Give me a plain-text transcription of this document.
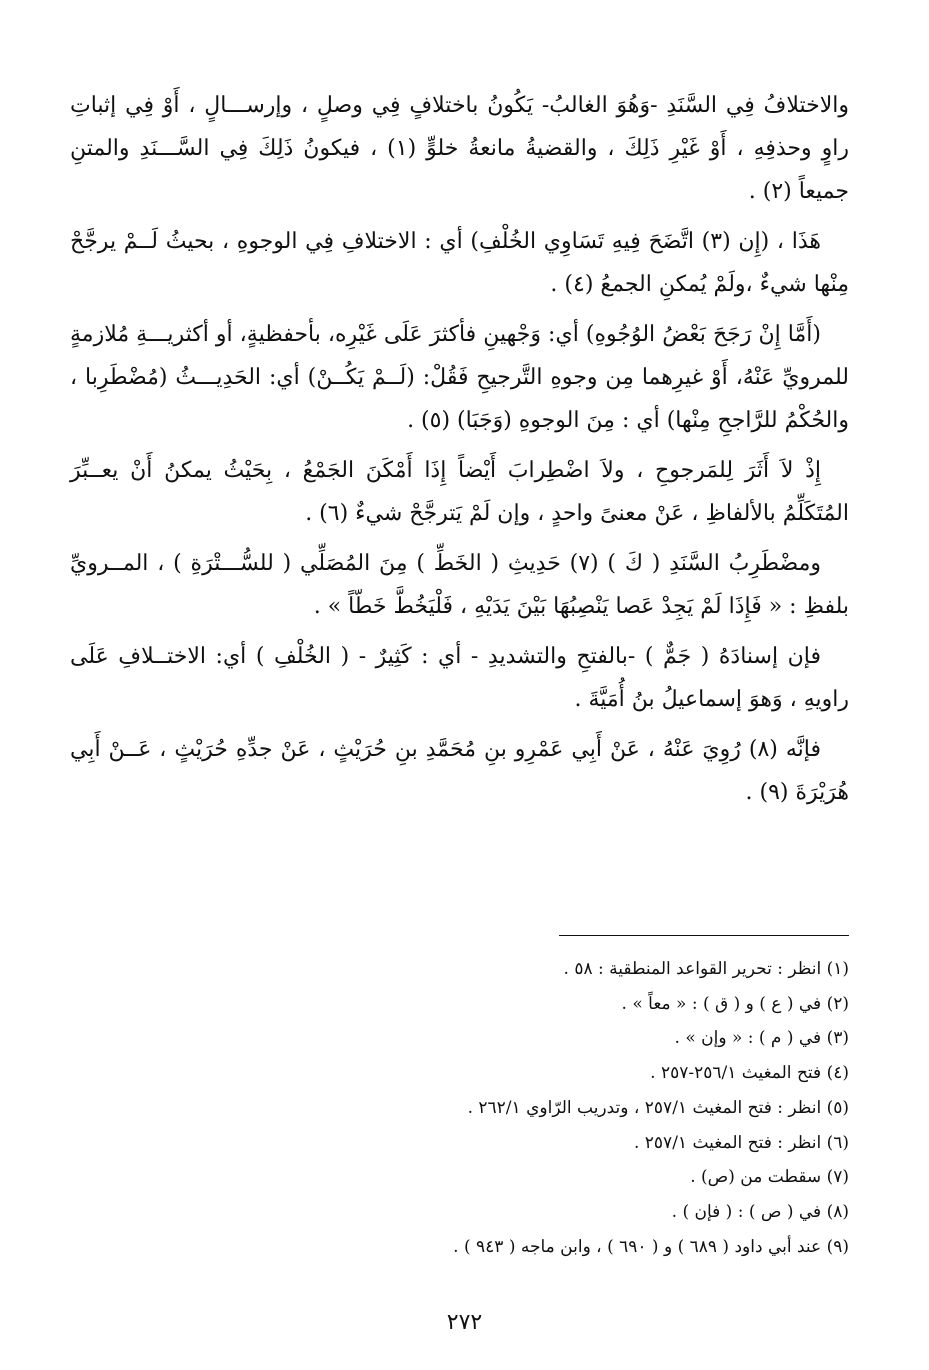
والاختلافُ فِي السَّنَدِ -وَهُوَ الغالبُ- يَكُونُ باختلافٍ فِي وصلٍ ، وإرســـالٍ ، أَوْ فِي إثباتِ راوٍ وحذفِهِ ، أَوْ غَيْرِ ذَلِكَ ، والقضيةُ مانعةُ خلوٍّ (١) ، فيكونُ ذَلِكَ فِي السَّـــنَدِ والمتنِ جميعاً (٢) .

هَذَا ، (إِن (٣) اتَّضَحَ فِيهِ تَسَاوِي الخُلْفِ) أي : الاختلافِ فِي الوجوهِ ، بحيثُ لَــمْ يرجَّحْ مِنْها شيءٌ ،ولَمْ يُمكنِ الجمعُ (٤) .

(أَمَّا إِنْ رَجَحَ بَعْضُ الوُجُوهِ) أي: وَجْهينِ فأكثرَ عَلَى غَيْرِه، بأحفظيةٍ، أو أكثريـــةِ مُلازمةٍ للمرويِّ عَنْهُ، أَوْ غيرِهما مِن وجوهِ التَّرجيحِ فَقُلْ: (لَــمْ يَكُــنْ) أي: الحَدِيـــثُ (مُضْطَرِبا ، والحُكْمُ للرَّاجحِ مِنْها) أي : مِنَ الوجوهِ (وَجَبَا) (٥) .

إِذْ لاَ أَثَرَ لِلمَرجوحِ ، ولاَ اضْطِرابَ أَيْضاً إِذَا أَمْكَنَ الجَمْعُ ، بِحَيْثُ يمكنُ أَنْ يعــبِّرَ المُتَكَلِّمُ بالألفاظِ ، عَنْ معنىً واحدٍ ، وإن لَمْ يَترجَّحْ شيءٌ (٦) .

ومضْطَرِبُ السَّنَدِ ( كَ ) (٧) حَدِيثِ ( الخَطِّ ) مِنَ المُصَلِّي ( للسُّـــتْرَةِ ) ، المــرويِّ بلفظِ : « فَإِذَا لَمْ يَجِدْ عَصا يَنْصِبُهَا بَيْنَ يَدَيْهِ ، فَلْيَخُطَّ خَطّاً » .

فإن إسنادَهُ ( جَمٌّ ) -بالفتحِ والتشديدِ - أي : كَثِيرٌ - ( الخُلْفِ ) أي: الاختــلافِ عَلَى راويهِ ، وَهوَ إسماعيلُ بنُ أُمَيَّةَ .

فإنَّه (٨) رُوِيَ عَنْهُ ، عَنْ أَبِي عَمْرِو بنِ مُحَمَّدِ بنِ حُرَيْثٍ ، عَنْ جدِّهِ حُرَيْثٍ ، عَــنْ أَبِي هُرَيْرَةَ (٩) .

(١) انظر : تحرير القواعد المنطقية : ٥٨ .
(٢) في ( ع ) و ( ق ) : « معاً » .
(٣) في ( م ) : « وإن » .
(٤) فتح المغيث ٢٥٦/١-٢٥٧ .
(٥) انظر : فتح المغيث ٢٥٧/١ ، وتدريب الرّاوي ٢٦٢/١ .
(٦) انظر : فتح المغيث ٢٥٧/١ .
(٧) سقطت من (ص) .
(٨) في ( ص ) : ( فإن ) .
(٩) عند أبي داود ( ٦٨٩ ) و ( ٦٩٠ ) ، وابن ماجه ( ٩٤٣ ) .
٢٧٢
